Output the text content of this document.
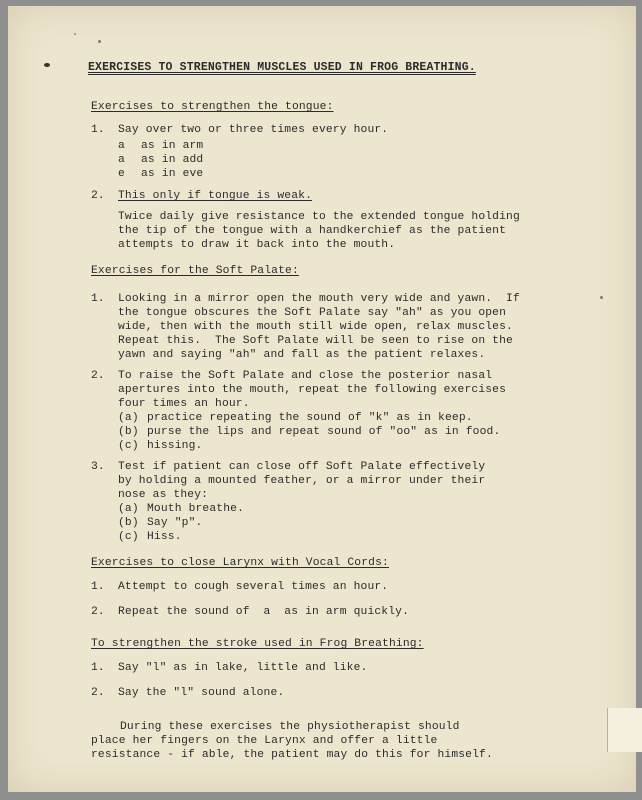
EXERCISES TO STRENGTHEN MUSCLES USED IN FROG BREATHING.
Exercises to strengthen the tongue:
1. Say over two or three times every hour.
a as in arm
a as in add
e as in eve
2. This only if tongue is weak.
Twice daily give resistance to the extended tongue holding
the tip of the tongue with a handkerchief as the patient
attempts to draw it back into the mouth.
Exercises for the Soft Palate:
1. Looking in a mirror open the mouth very wide and yawn.  If
the tongue obscures the Soft Palate say "ah" as you open
wide, then with the mouth still wide open, relax muscles.
Repeat this.  The Soft Palate will be seen to rise on the
yawn and saying "ah" and fall as the patient relaxes.
2. To raise the Soft Palate and close the posterior nasal
apertures into the mouth, repeat the following exercises
four times an hour.
(a) practice repeating the sound of "k" as in keep.
(b) purse the lips and repeat sound of "oo" as in food.
(c) hissing.
3. Test if patient can close off Soft Palate effectively
by holding a mounted feather, or a mirror under their
nose as they:
(a) Mouth breathe.
(b) Say "p".
(c) Hiss.
Exercises to close Larynx with Vocal Cords:
1. Attempt to cough several times an hour.
2. Repeat the sound of  a  as in arm quickly.
To strengthen the stroke used in Frog Breathing:
1. Say "l" as in lake, little and like.
2. Say the "l" sound alone.
During these exercises the physiotherapist should
place her fingers on the Larynx and offer a little
resistance - if able, the patient may do this for himself.
